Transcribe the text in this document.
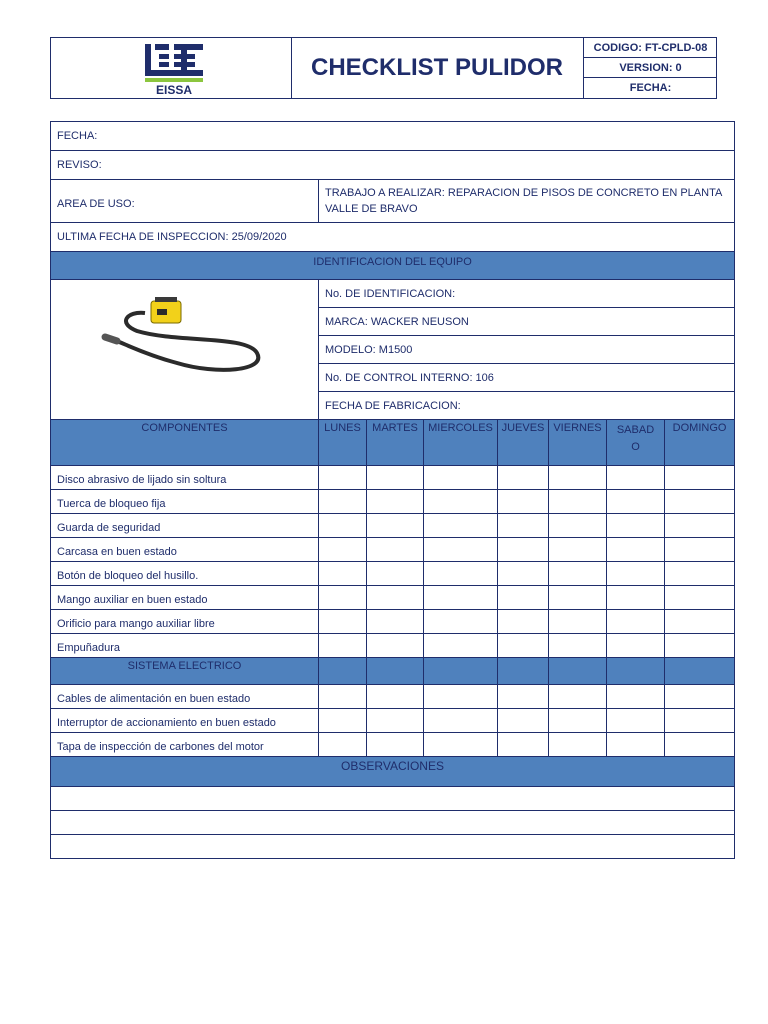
EISSA
CHECKLIST PULIDOR
CODIGO: FT-CPLD-08
VERSION: 0
FECHA:
FECHA:							
REVISO:							
AREA DE USO:	TRABAJO A REALIZAR: REPARACION DE PISOS DE CONCRETO EN PLANTA VALLE DE BRAVO						
ULTIMA FECHA DE INSPECCION: 25/09/2020							
IDENTIFICACION DEL EQUIPO							
	No. DE IDENTIFICACION:						
	MARCA: WACKER NEUSON						
	MODELO: M1500						
	No. DE CONTROL INTERNO: 106						
	FECHA DE FABRICACION:						
COMPONENTES	LUNES	MARTES	MIERCOLES	JUEVES	VIERNES	SABADO	DOMINGO
Disco abrasivo de lijado sin soltura							
Tuerca de bloqueo fija							
Guarda de seguridad							
Carcasa en buen estado							
Botón de bloqueo del husillo.							
Mango auxiliar en buen estado							
Orificio para mango auxiliar libre							
Empuñadura							
SISTEMA ELECTRICO							
Cables de alimentación en buen estado							
Interruptor de accionamiento en buen estado							
Tapa de inspección de carbones del motor							
OBSERVACIONES							
